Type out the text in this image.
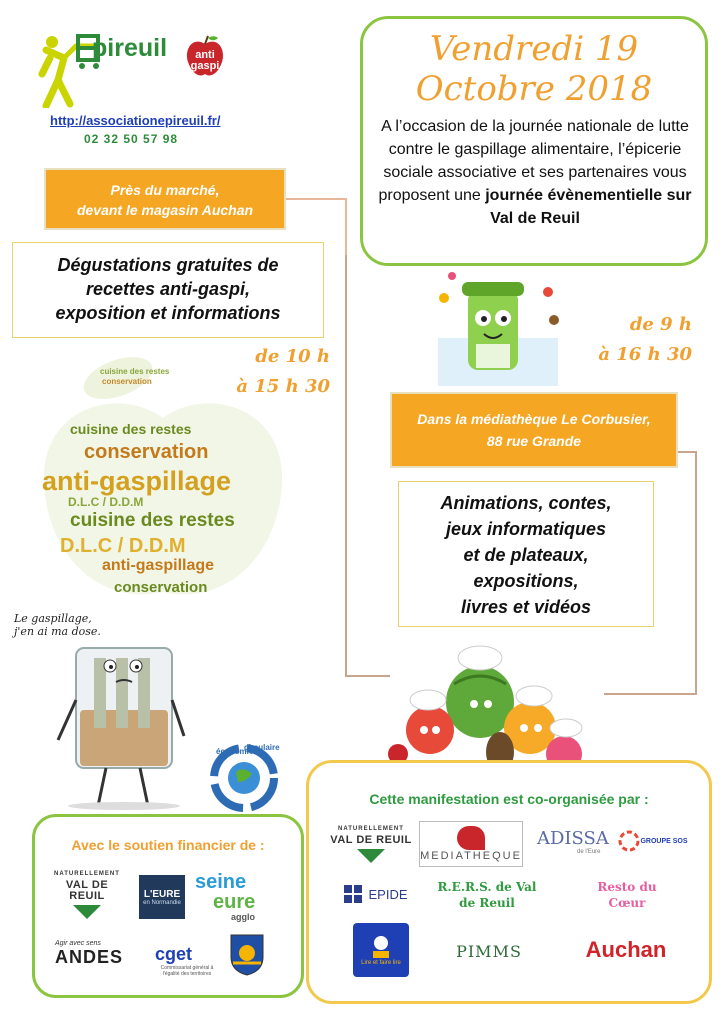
pireuil	anti gaspi
http://associationepireuil.fr/
02 32 50 57 98
Vendredi 19
Octobre 2018
A l’occasion de la journée nationale de lutte contre le gaspillage alimentaire, l’épicerie sociale associative et ses partenaires vous proposent une journée évènementielle sur Val de Reuil
Près du marché,
devant le magasin Auchan
Dégustations gratuites de
recettes anti-gaspi,
exposition et informations
de 10 h
à 15 h 30
cuisine des restes
conservation
cuisine des restes
conservation
anti-gaspillage
D.L.C / D.D.M
cuisine des restes
D.L.C / D.D.M
anti-gaspillage
conservation
de 9 h
à 16 h 30
Dans la médiathèque Le Corbusier,
88 rue Grande
Animations, contes,
jeux informatiques
et de plateaux,
expositions,
livres et vidéos
Le gaspillage,
j'en ai ma dose.
économie
circulaire
Avec le soutien financier de :
NATURELLEMENT
VAL DE REUIL	L'EURE
en Normandie
seine
eure
agglo
Agir avec sens
ANDES cget
Commissariat général à l'égalité des territoires
Cette manifestation est co-organisée par :
NATURELLEMENT
VAL DE REUIL
MEDIATHEQUE
ADISSA
de l'Eure
GROUPE SOS
EPIDE	R.E.R.S. de Val
de Reuil
Resto du
Cœur
Lire et faire lire
PIMMS	Auchan
